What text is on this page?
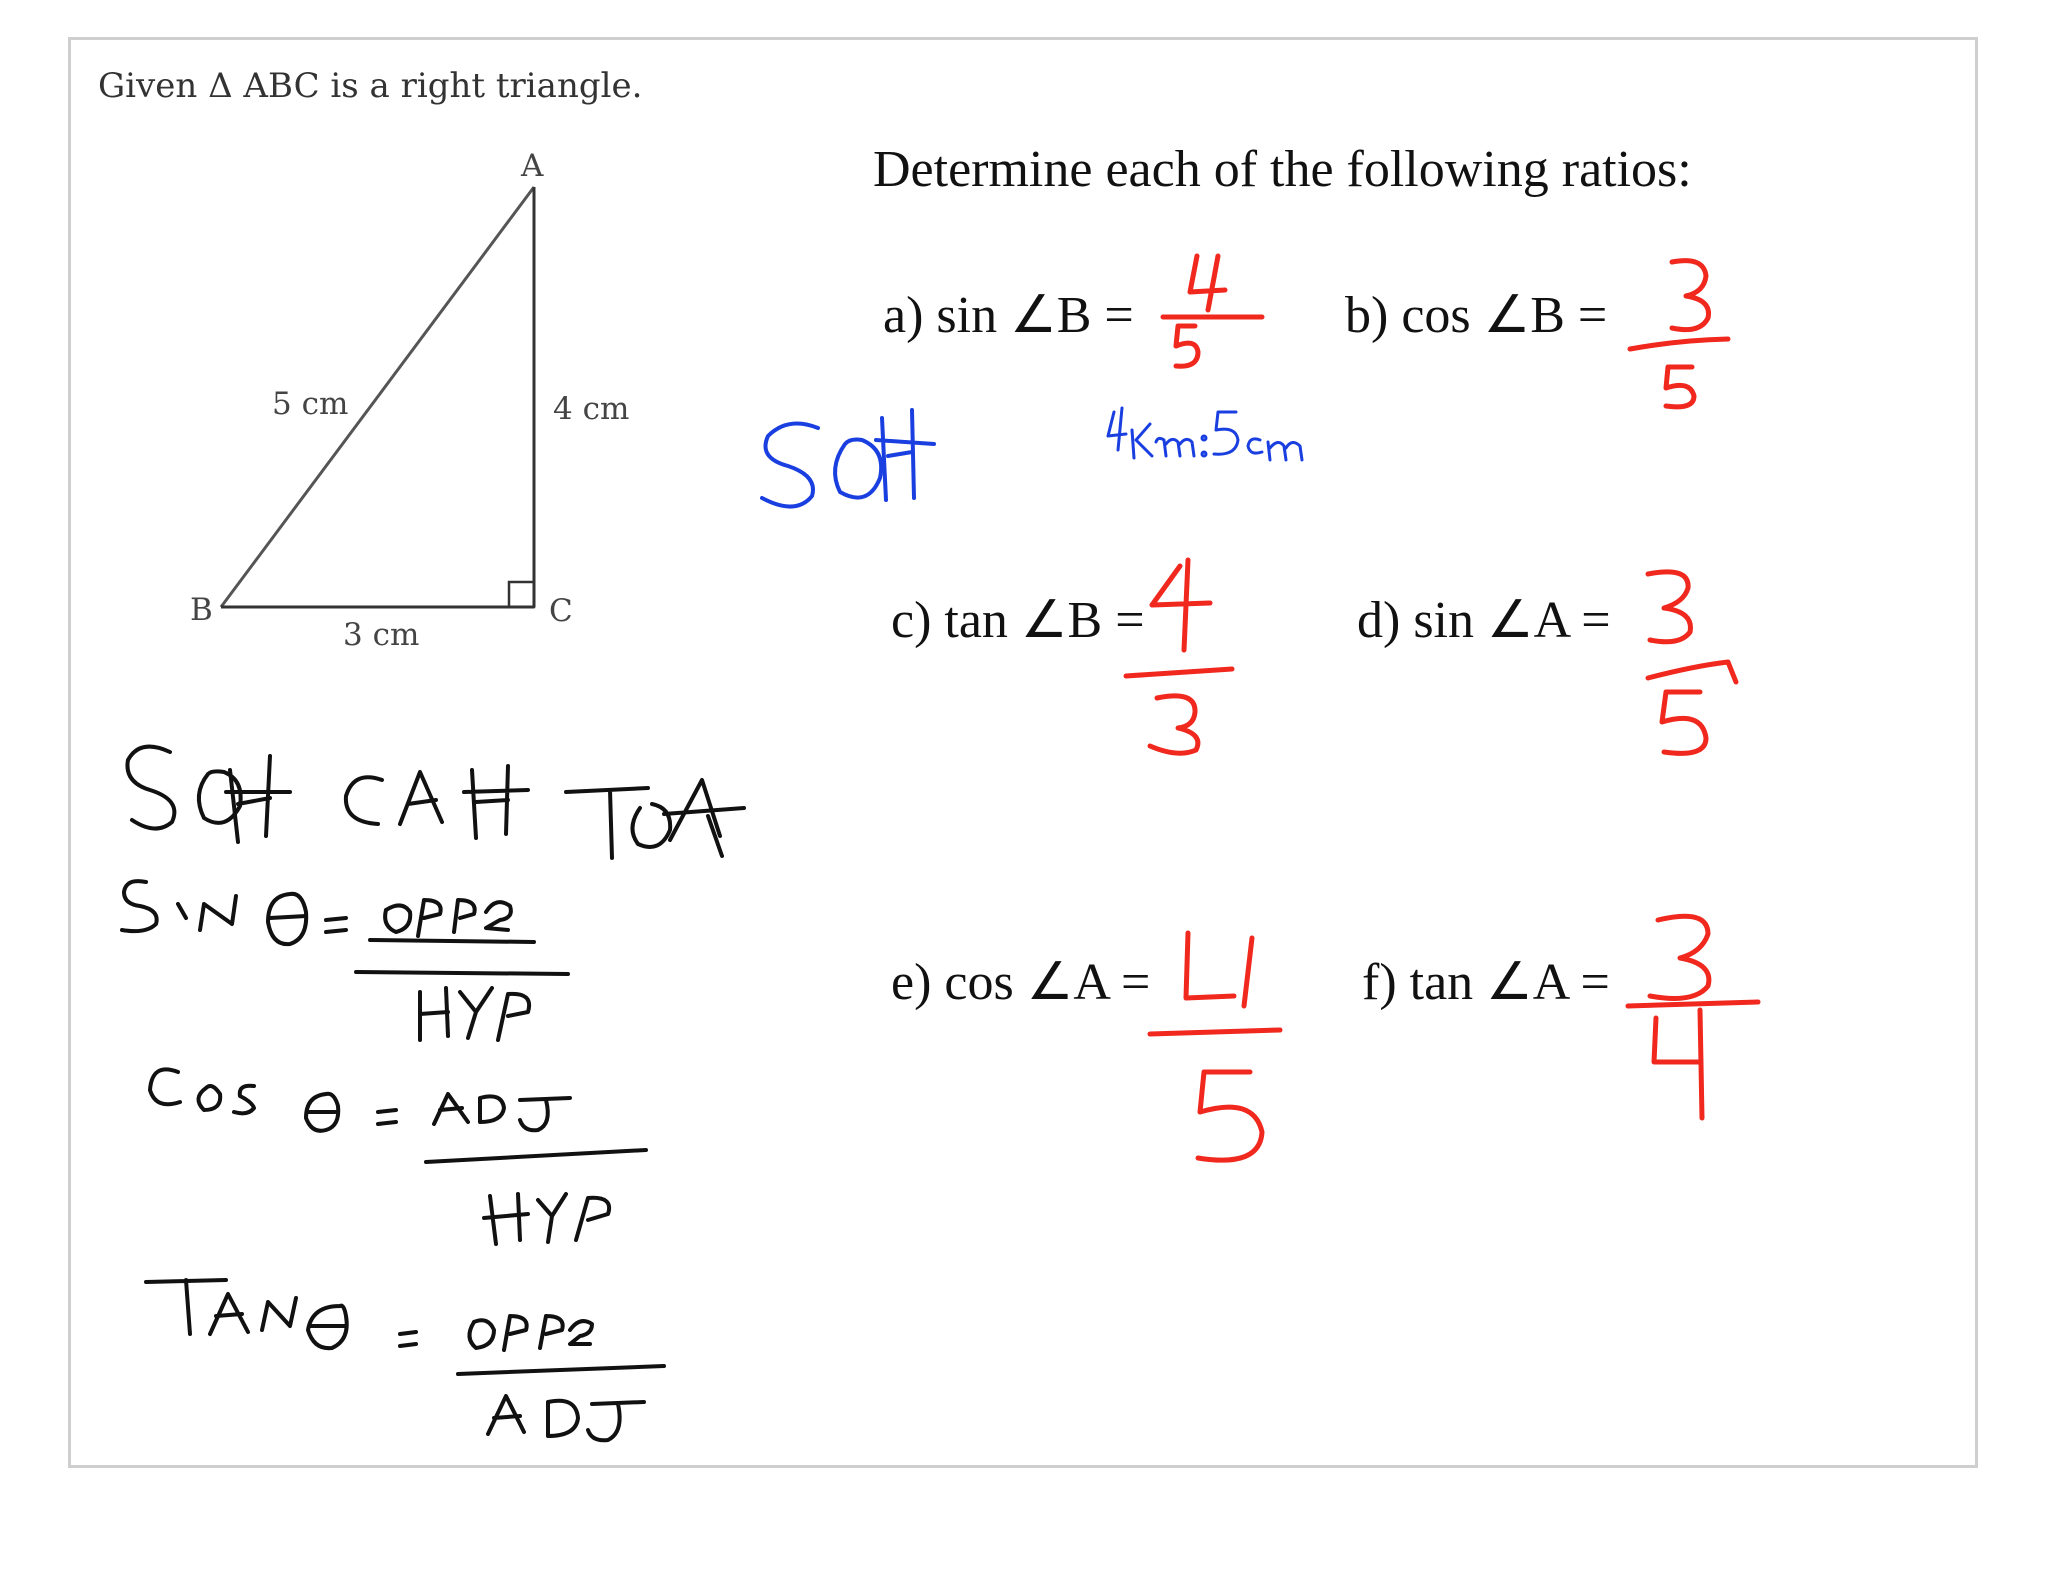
Given Δ ABC is a right triangle.
A
B	C
5 cm	4 cm
3 cm
Determine each of the following ratios:
a) sin ∠B =	b) cos ∠B =
c) tan ∠B =	d) sin ∠A =
e) cos ∠A =	f) tan ∠A =
